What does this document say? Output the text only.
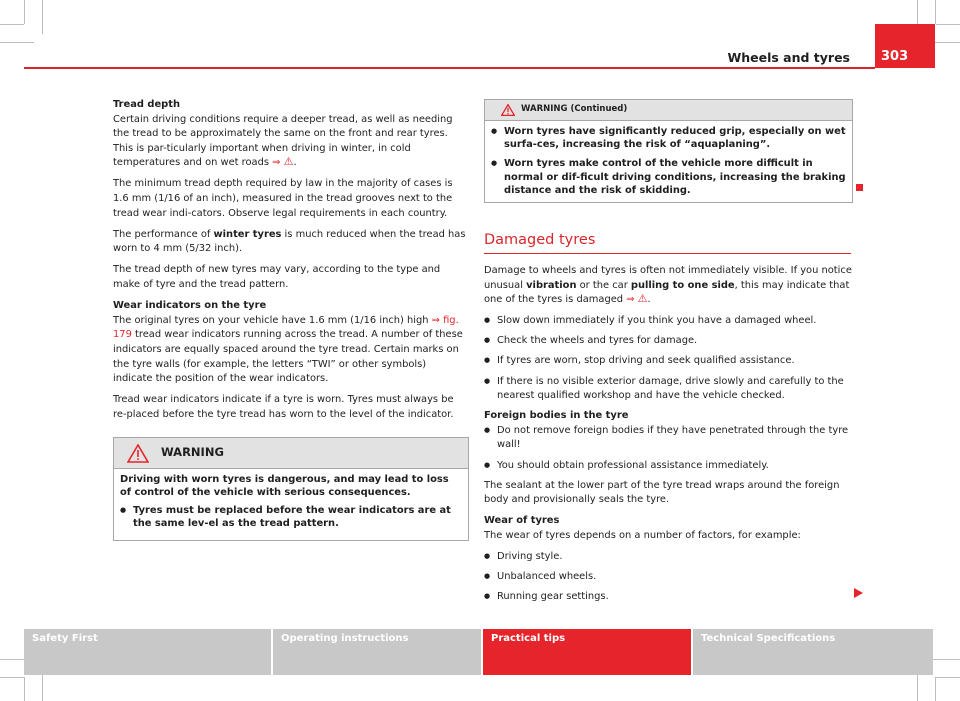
Wheels and tyres	303

Tread depth

Certain driving conditions require a deeper tread, as well as needing the tread to be approximately the same on the front and rear tyres. This is par-ticularly important when driving in winter, in cold temperatures and on wet roads ⇒ ⚠.

The minimum tread depth required by law in the majority of cases is 1.6 mm (1/16 of an inch), measured in the tread grooves next to the tread wear indi-cators. Observe legal requirements in each country.

The performance of winter tyres is much reduced when the tread has worn to 4 mm (5/32 inch).

The tread depth of new tyres may vary, according to the type and make of tyre and the tread pattern.

Wear indicators on the tyre

The original tyres on your vehicle have 1.6 mm (1/16 inch) high ⇒ fig. 179 tread wear indicators running across the tread. A number of these indicators are equally spaced around the tyre tread. Certain marks on the tyre walls (for example, the letters “TWI” or other symbols) indicate the position of the wear indicators.

Tread wear indicators indicate if a tyre is worn. Tyres must always be re-placed before the tyre tread has worn to the level of the indicator.

WARNING

Driving with worn tyres is dangerous, and may lead to loss of control of the vehicle with serious consequences.

●
Tyres must be replaced before the wear indicators are at the same lev-el as the tread pattern.
WARNING (Continued)
●
Worn tyres have significantly reduced grip, especially on wet surfa-ces, increasing the risk of “aquaplaning”.
●
Worn tyres make control of the vehicle more difficult in normal or dif-ficult driving conditions, increasing the braking distance and the risk of skidding.
Damaged tyres

Damage to wheels and tyres is often not immediately visible. If you notice unusual vibration or the car pulling to one side, this may indicate that one of the tyres is damaged ⇒ ⚠.

●
Slow down immediately if you think you have a damaged wheel.
●
Check the wheels and tyres for damage.
●
If tyres are worn, stop driving and seek qualified assistance.
●
If there is no visible exterior damage, drive slowly and carefully to the nearest qualified workshop and have the vehicle checked.

Foreign bodies in the tyre

●
Do not remove foreign bodies if they have penetrated through the tyre wall!
●
You should obtain professional assistance immediately.

The sealant at the lower part of the tyre tread wraps around the foreign body and provisionally seals the tyre.

Wear of tyres

The wear of tyres depends on a number of factors, for example:

●
Driving style.
●
Unbalanced wheels.
●
Running gear settings.
Safety First	Operating instructions	Practical tips	Technical Specifications
